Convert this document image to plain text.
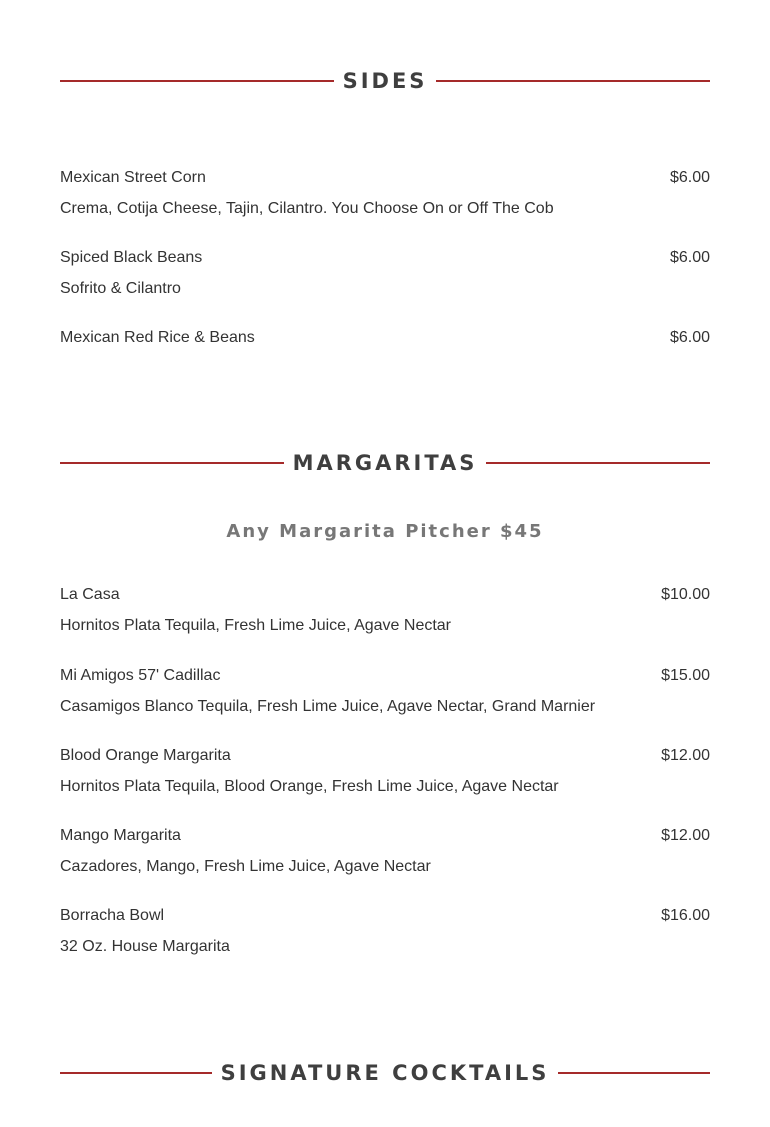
SIDES
Mexican Street Corn	$6.00
Crema, Cotija Cheese, Tajin, Cilantro. You Choose On or Off The Cob
Spiced Black Beans	$6.00
Sofrito & Cilantro
Mexican Red Rice & Beans	$6.00
MARGARITAS
Any Margarita Pitcher $45
La Casa	$10.00
Hornitos Plata Tequila, Fresh Lime Juice, Agave Nectar
Mi Amigos 57' Cadillac	$15.00
Casamigos Blanco Tequila, Fresh Lime Juice, Agave Nectar, Grand Marnier
Blood Orange Margarita	$12.00
Hornitos Plata Tequila, Blood Orange, Fresh Lime Juice, Agave Nectar
Mango Margarita	$12.00
Cazadores, Mango, Fresh Lime Juice, Agave Nectar
Borracha Bowl	$16.00
32 Oz. House Margarita
SIGNATURE COCKTAILS
